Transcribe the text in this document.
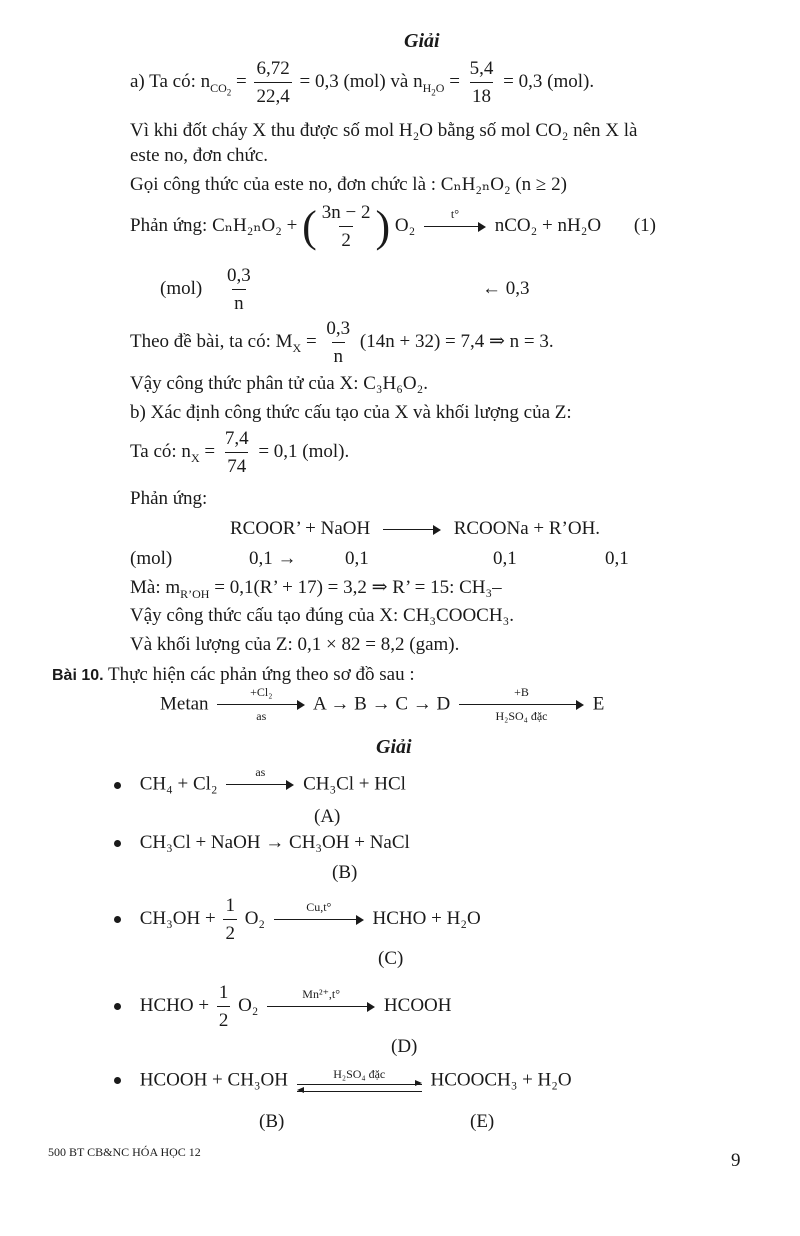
Giải
a) Ta có: $n_{CO_2} = \frac{6,72}{22,4} = 0,3$ (mol) và $n_{H_2O} = \frac{5,4}{18} = 0,3$ (mol).
Vì khi đốt cháy X thu được số mol H₂O bằng số mol CO₂ nên X là
este no, đơn chức.
Gọi công thức của este no, đơn chức là : CₙH₂ₙO₂ (n ≥ 2)
Phản ứng: CₙH₂ₙO₂ + ( $\frac{3n - 2}{2}$ ) O₂
t°
nCO₂ + nH₂O (1)
$(mol) \frac{0,3}{n}$	← 0,3
Theo đề bài, ta có: $M_X = \frac{0,3}{n} (14n + 32) = 7,4$ ⇒ n = 3.
Vậy công thức phân tử của X: C₃H₆O₂.
b) Xác định công thức cấu tạo của X và khối lượng của Z:
Ta có: $n_X = \frac{7,4}{74} = 0,1$ (mol).
Phản ứng:
RCOOR’ + NaOH	RCOONa + R’OH.
(mol)	0,1 →	0,1	0,1	0,1
Mà: $m_{R’OH} = 0,1(R$’ + 17) = 3,2 ⇒ R’ = 15: CH₃–
Vậy công thức cấu tạo đúng của X: CH₃COOCH₃.
Và khối lượng của Z: 0,1 × 82 = 8,2 (gam).
Bài 10. Thực hiện các phản ứng theo sơ đồ sau :
Metan
+Cl₂
as
A → B → C → D
+B
H₂SO₄ đặc
E
Giải
CH₄ + Cl₂
as
CH₃Cl + HCl
(A)
CH₃Cl + NaOH → CH₃OH + NaCl
(B)
$CH_3OH + \frac{1}{2} O_2$
Cu,t°
HCHO + H₂O
(C)
HCHO + $\frac{1}{2} O_2$
Mn²⁺,t°
HCOOH
(D)
HCOOH + CH₃OH	H₂SO₄ đặc HCOOCH₃ + H₂O
(B)	(E)
500 BT CB&NC HÓA HỌC 12	9
